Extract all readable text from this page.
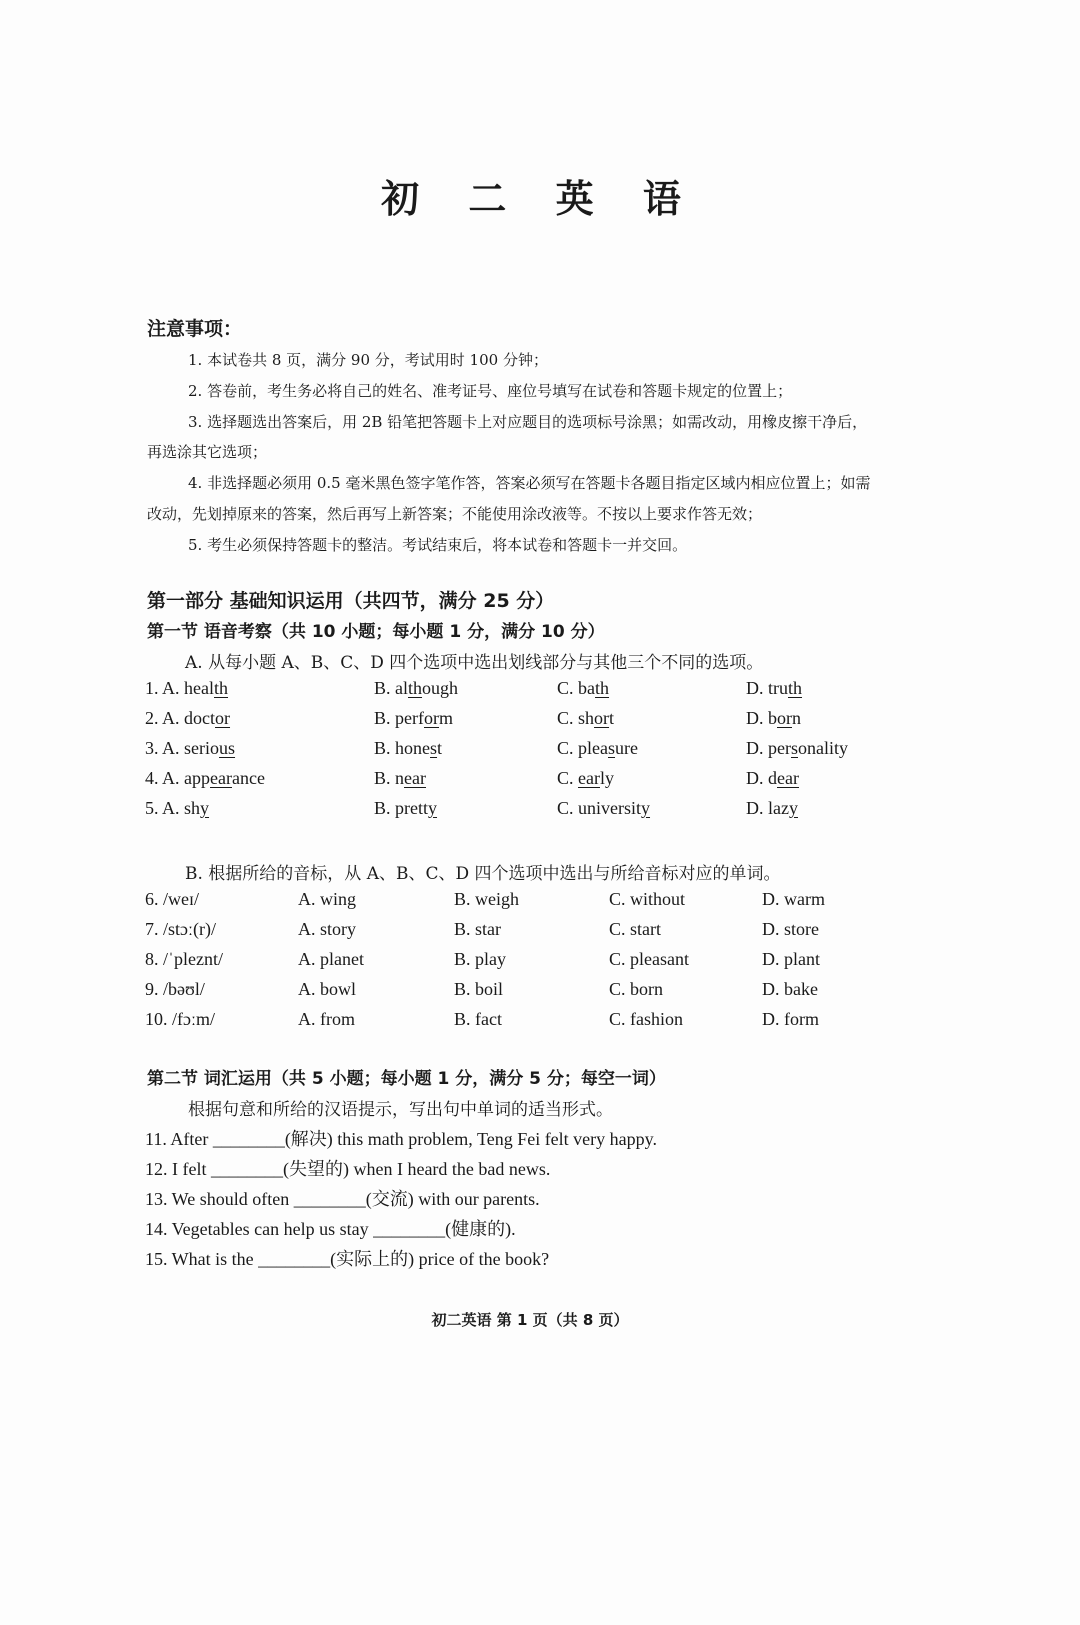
初 二 英 语
注意事项：
1. 本试卷共 8 页，满分 90 分，考试用时 100 分钟；
2. 答卷前，考生务必将自己的姓名、准考证号、座位号填写在试卷和答题卡规定的位置上；
3. 选择题选出答案后，用 2B 铅笔把答题卡上对应题目的选项标号涂黑；如需改动，用橡皮擦干净后，
再选涂其它选项；
4. 非选择题必须用 0.5 毫米黑色签字笔作答，答案必须写在答题卡各题目指定区域内相应位置上；如需
改动，先划掉原来的答案，然后再写上新答案；不能使用涂改液等。不按以上要求作答无效；
5. 考生必须保持答题卡的整洁。考试结束后，将本试卷和答题卡一并交回。
第一部分 基础知识运用（共四节，满分 25 分）
第一节 语音考察（共 10 小题；每小题 1 分，满分 10 分）
A. 从每小题 A、B、C、D 四个选项中选出划线部分与其他三个不同的选项。
1. A. health	B. although	C. bath	D. truth
2. A. doctor	B. perform	C. short	D. born
3. A. serious	B. honest	C. pleasure	D. personality
4. A. appearance	B. near	C. early	D. dear
5. A. shy	B. pretty	C. university	D. lazy
B. 根据所给的音标，从 A、B、C、D 四个选项中选出与所给音标对应的单词。
6. /weɪ/	A. wing	B. weigh	C. without	D. warm
7. /stɔː(r)/	A. story	B. star	C. start	D. store
8. /ˈpleznt/	A. planet	B. play	C. pleasant	D. plant
9. /bəʊl/	A. bowl	B. boil	C. born	D. bake
10. /fɔːm/	A. from	B. fact	C. fashion	D. form
第二节 词汇运用（共 5 小题；每小题 1 分，满分 5 分；每空一词）
根据句意和所给的汉语提示，写出句中单词的适当形式。
11. After ________(解决) this math problem, Teng Fei felt very happy.
12. I felt ________(失望的) when I heard the bad news.
13. We should often ________(交流) with our parents.
14. Vegetables can help us stay ________(健康的).
15. What is the ________(实际上的) price of the book?
初二英语 第 1 页（共 8 页）
